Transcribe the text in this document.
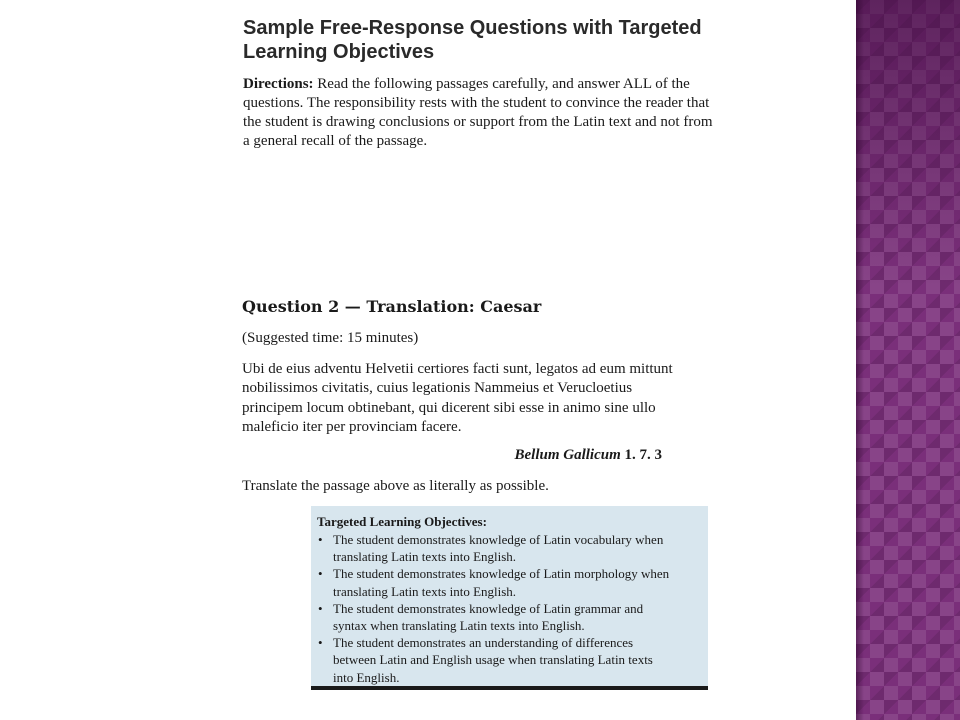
Sample Free-Response Questions with Targeted
Learning Objectives

Directions: Read the following passages carefully, and answer ALL of the questions. The responsibility rests with the student to convince the reader that the student is drawing conclusions or support from the Latin text and not from a general recall of the passage.

Question 2 — Translation: Caesar

(Suggested time: 15 minutes)

Ubi de eius adventu Helvetii certiores facti sunt, legatos ad eum mittunt
nobilissimos civitatis, cuius legationis Nammeius et Verucloetius
principem locum obtinebant, qui dicerent sibi esse in animo sine ullo
maleficio iter per provinciam facere.

Bellum Gallicum 1. 7. 3

Translate the passage above as literally as possible.

Targeted Learning Objectives:

• The student demonstrates knowledge of Latin vocabulary when
translating Latin texts into English.
• The student demonstrates knowledge of Latin morphology when
translating Latin texts into English.
• The student demonstrates knowledge of Latin grammar and
syntax when translating Latin texts into English.
• The student demonstrates an understanding of differences
between Latin and English usage when translating Latin texts
into English.
